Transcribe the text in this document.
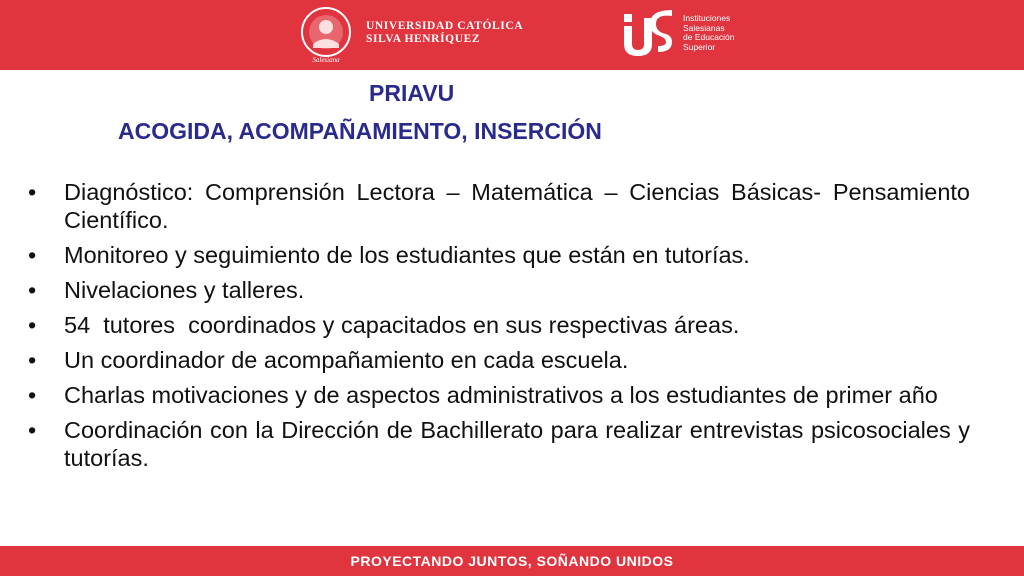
Salesiana
UNIVERSIDAD CATÓLICA
SILVA HENRÍQUEZ
Instituciones
Salesianas
de Educación
Superior
PRIAVU
ACOGIDA, ACOMPAÑAMIENTO, INSERCIÓN
• Diagnóstico: Comprensión Lectora – Matemática – Ciencias Básicas- Pensamiento Científico.
• Monitoreo y seguimiento de los estudiantes que están en tutorías.
• Nivelaciones y talleres.
• 54  tutores  coordinados y capacitados en sus respectivas áreas.
• Un coordinador de acompañamiento en cada escuela.
• Charlas motivaciones y de aspectos administrativos a los estudiantes de primer año
• Coordinación con la Dirección de Bachillerato para realizar entrevistas psicosociales y tutorías.
PROYECTANDO JUNTOS, SOÑANDO UNIDOS
